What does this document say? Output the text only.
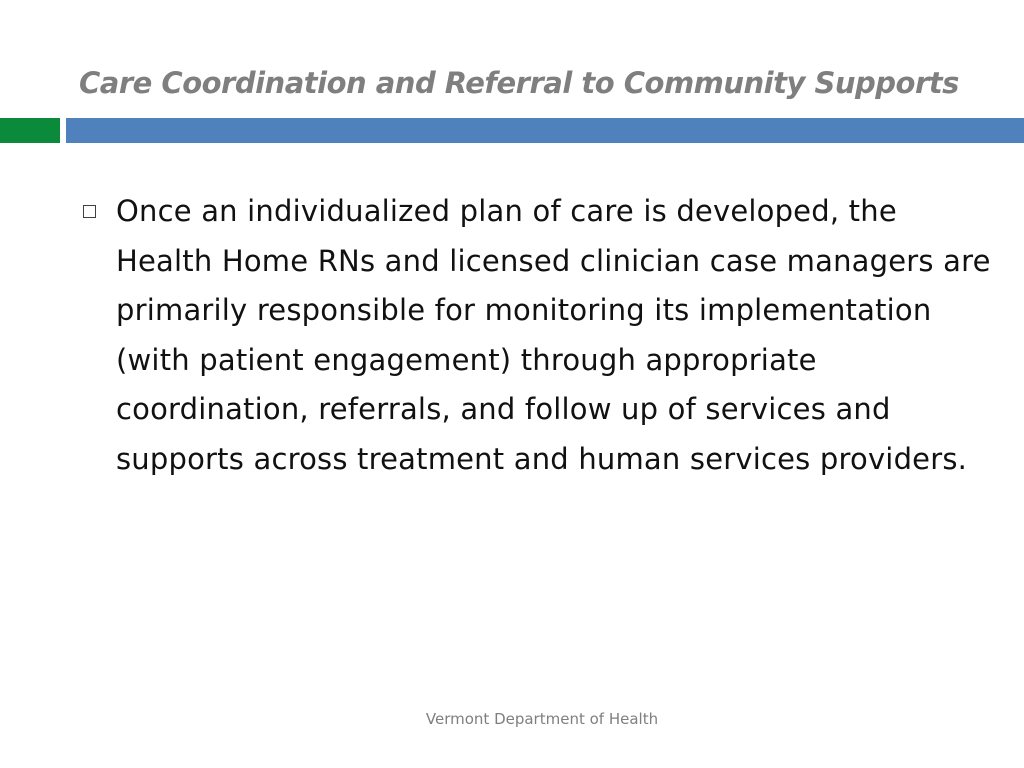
Care Coordination and Referral to Community Supports

Once an individualized plan of care is developed, the Health Home RNs and licensed clinician case managers are primarily responsible for monitoring its implementation (with patient engagement) through appropriate coordination, referrals, and follow up of services and supports across treatment and human services providers.

Vermont Department of Health
